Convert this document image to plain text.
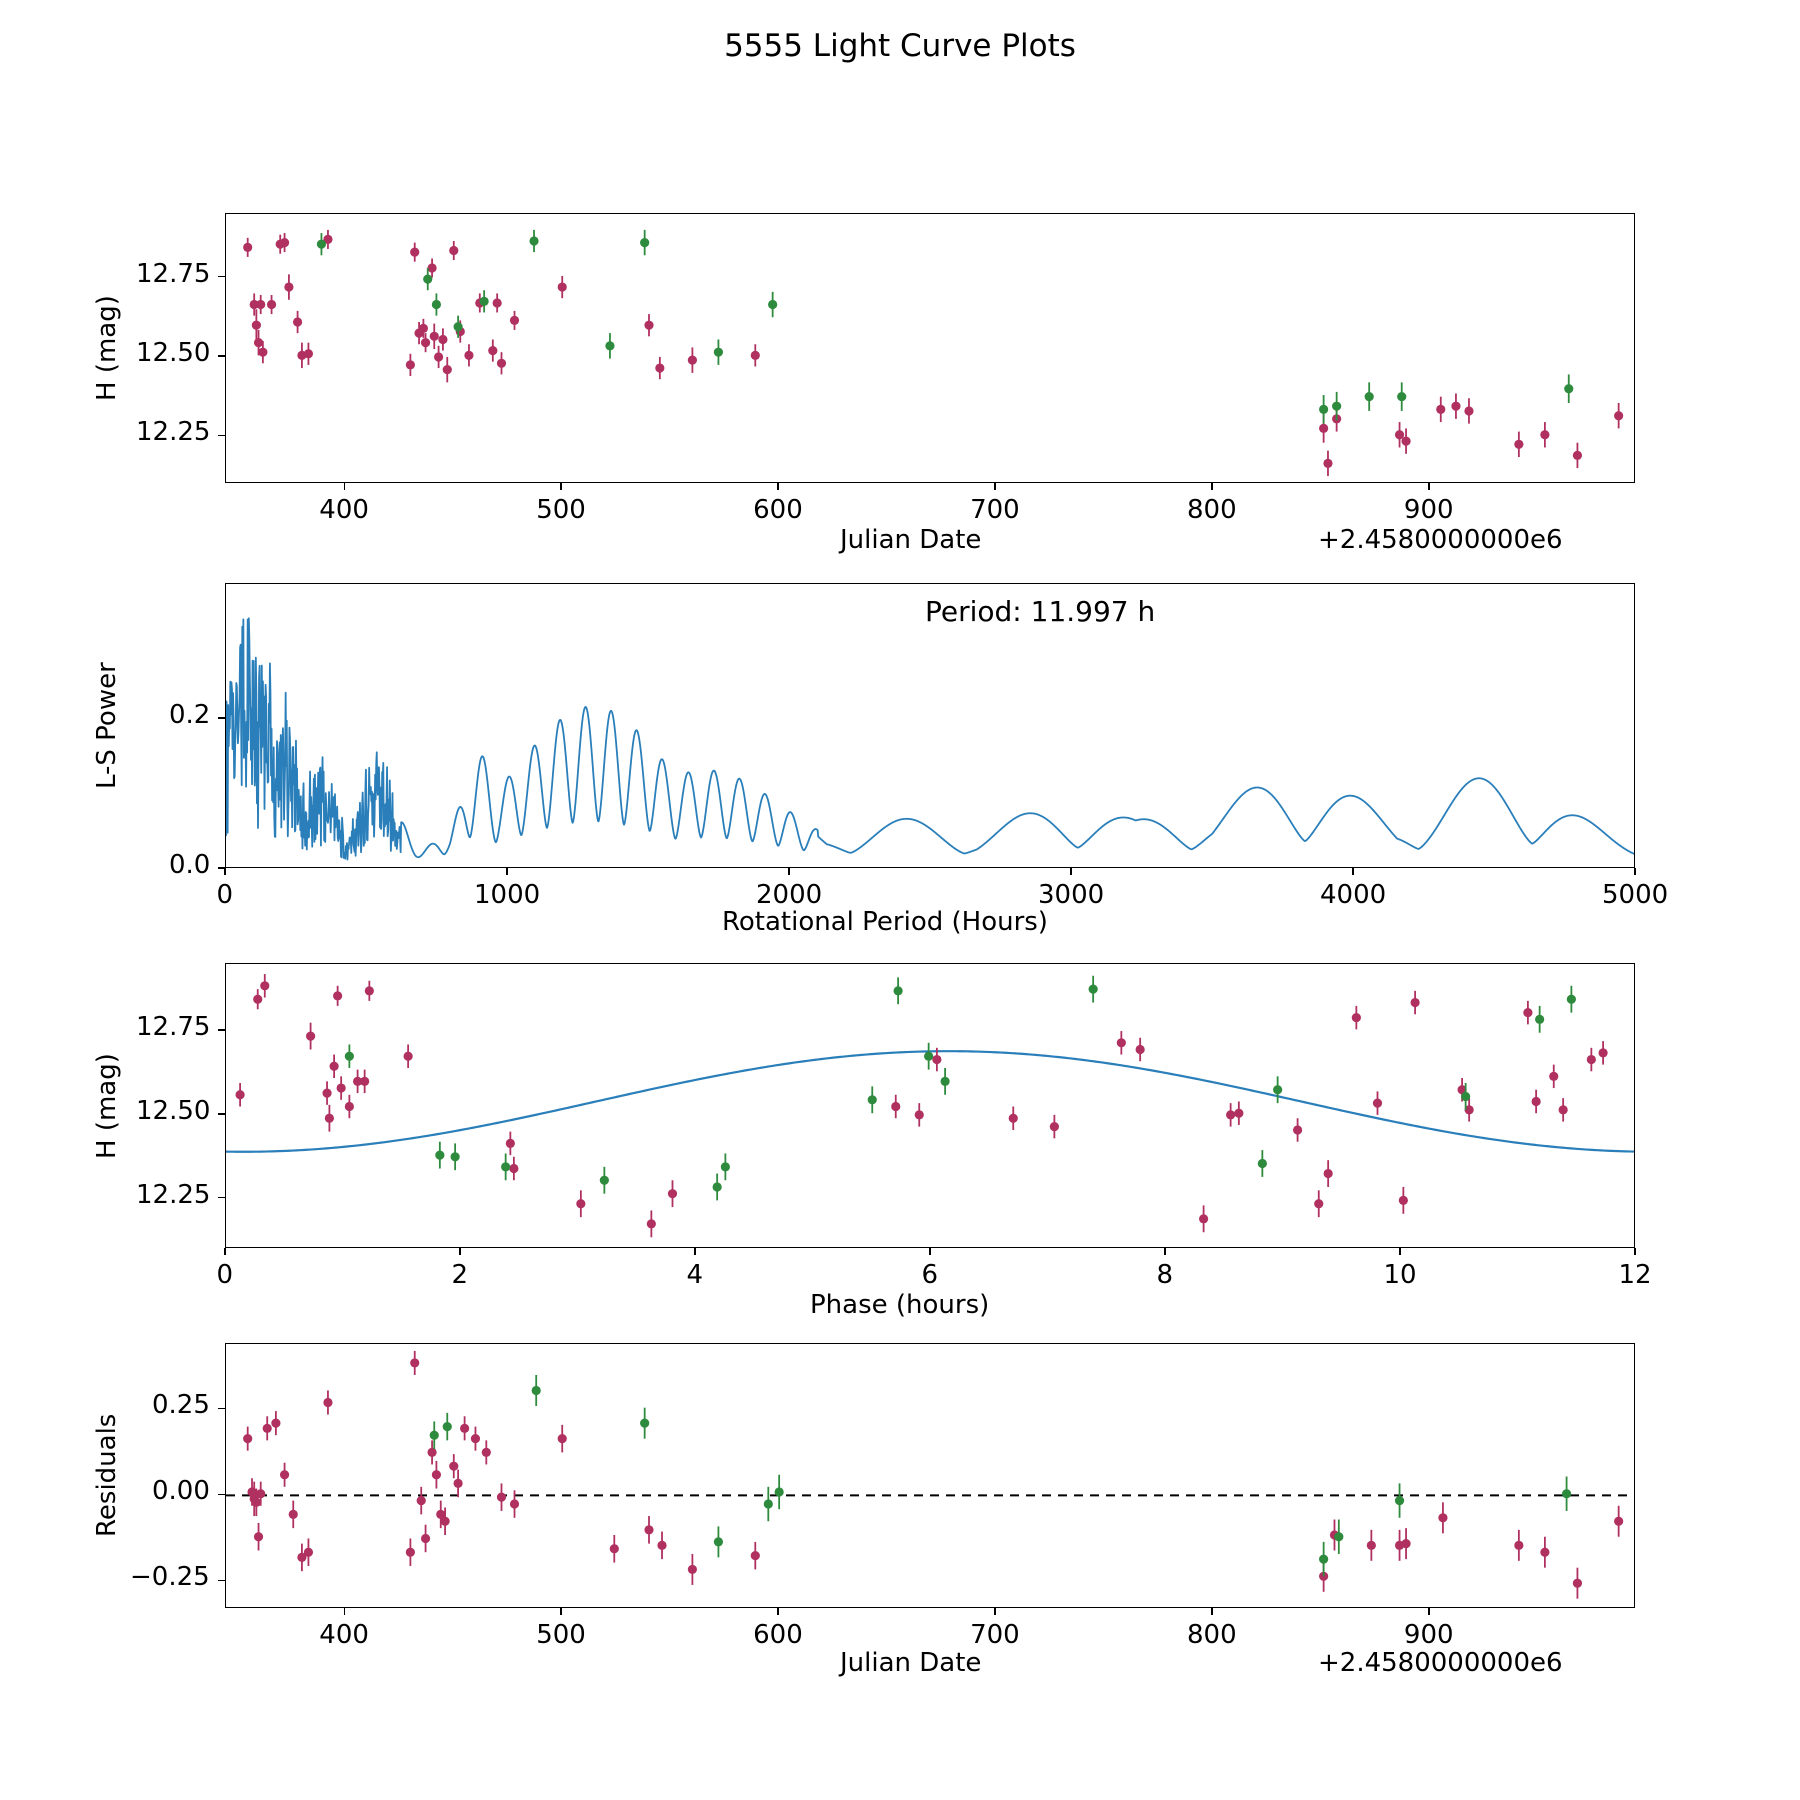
5555 Light Curve Plots
H (mag)
Julian Date	+2.4580000000e6
Period: 11.997 h
L-S Power
Rotational Period (Hours)
H (mag)
Phase (hours)
Residuals
Julian Date	+2.4580000000e6
400	500	600	700	800	900
12.25
12.50
12.75
0	1000	2000	3000	4000	5000
0.0
0.2
0	2	4	6	8	10	12
12.25
12.50
12.75
400	500	600	700	800	900
−0.25
0.00
0.25
